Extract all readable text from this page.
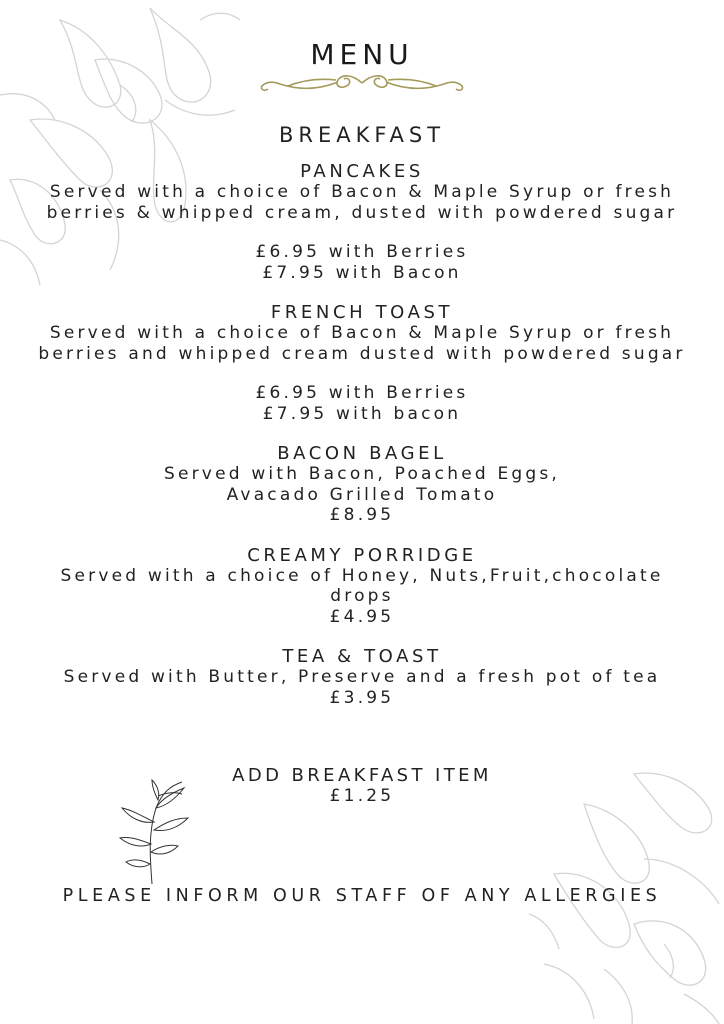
MENU
BREAKFAST
PANCAKES
Served with a choice of Bacon & Maple Syrup or fresh berries & whipped cream, dusted with powdered sugar
£6.95 with Berries
£7.95 with Bacon
FRENCH TOAST
Served with a choice of Bacon & Maple Syrup or fresh berries and whipped cream dusted with powdered sugar
£6.95 with Berries
£7.95 with bacon
BACON BAGEL
Served with Bacon, Poached Eggs, Avacado Grilled Tomato
£8.95
CREAMY PORRIDGE
Served with a choice of Honey, Nuts,Fruit,chocolate drops
£4.95
TEA & TOAST
Served with Butter, Preserve and a fresh pot of tea
£3.95
ADD BREAKFAST ITEM
£1.25
PLEASE INFORM OUR STAFF OF ANY ALLERGIES
